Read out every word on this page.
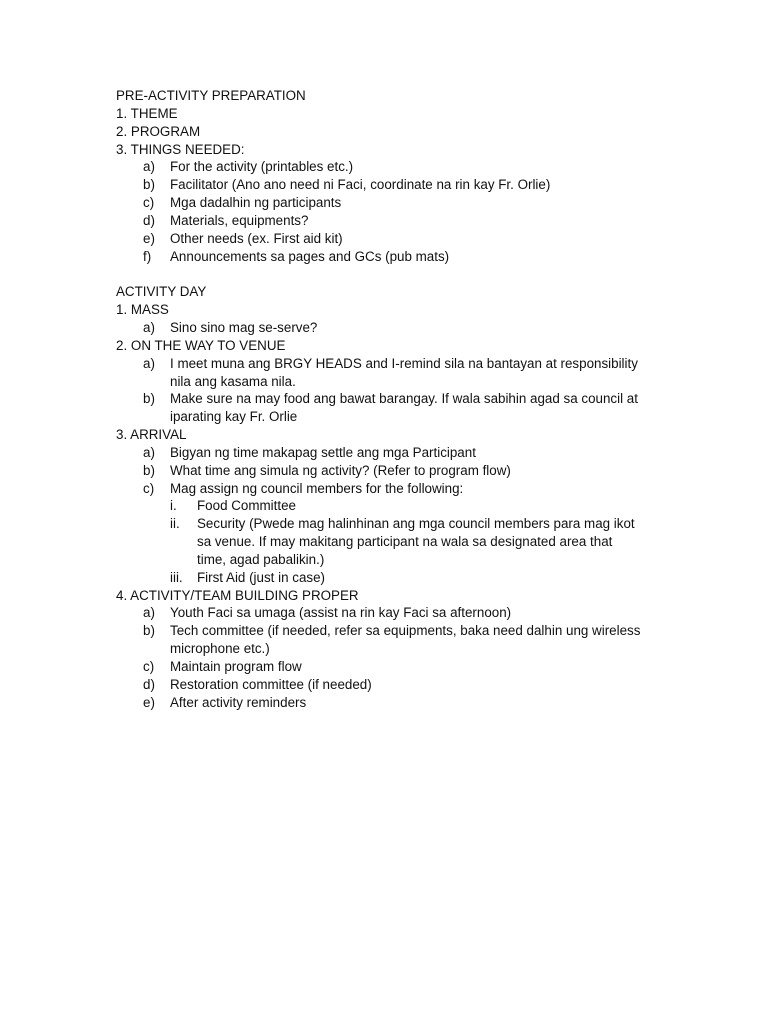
PRE-ACTIVITY PREPARATION
1. THEME
2. PROGRAM
3. THINGS NEEDED:
a)	For the activity (printables etc.)
b)	Facilitator (Ano ano need ni Faci, coordinate na rin kay Fr. Orlie)
c)	Mga dadalhin ng participants
d)	Materials, equipments?
e)	Other needs (ex. First aid kit)
f)	Announcements sa pages and GCs (pub mats)
ACTIVITY DAY
1. MASS
a)	Sino sino mag se-serve?
2. ON THE WAY TO VENUE
a)	I meet muna ang BRGY HEADS and I-remind sila na bantayan at responsibility nila ang kasama nila.
b)	Make sure na may food ang bawat barangay. If wala sabihin agad sa council at iparating kay Fr. Orlie
3. ARRIVAL
a)	Bigyan ng time makapag settle ang mga Participant
b)	What time ang simula ng activity? (Refer to program flow)
c)	Mag assign ng council members for the following:
i.	Food Committee
ii.	Security (Pwede mag halinhinan ang mga council members para mag ikot sa venue. If may makitang participant na wala sa designated area that time, agad pabalikin.)
iii.	First Aid (just in case)
4. ACTIVITY/TEAM BUILDING PROPER
a)	Youth Faci sa umaga (assist na rin kay Faci sa afternoon)
b)	Tech committee (if needed, refer sa equipments, baka need dalhin ung wireless microphone etc.)
c)	Maintain program flow
d)	Restoration committee (if needed)
e)	After activity reminders
